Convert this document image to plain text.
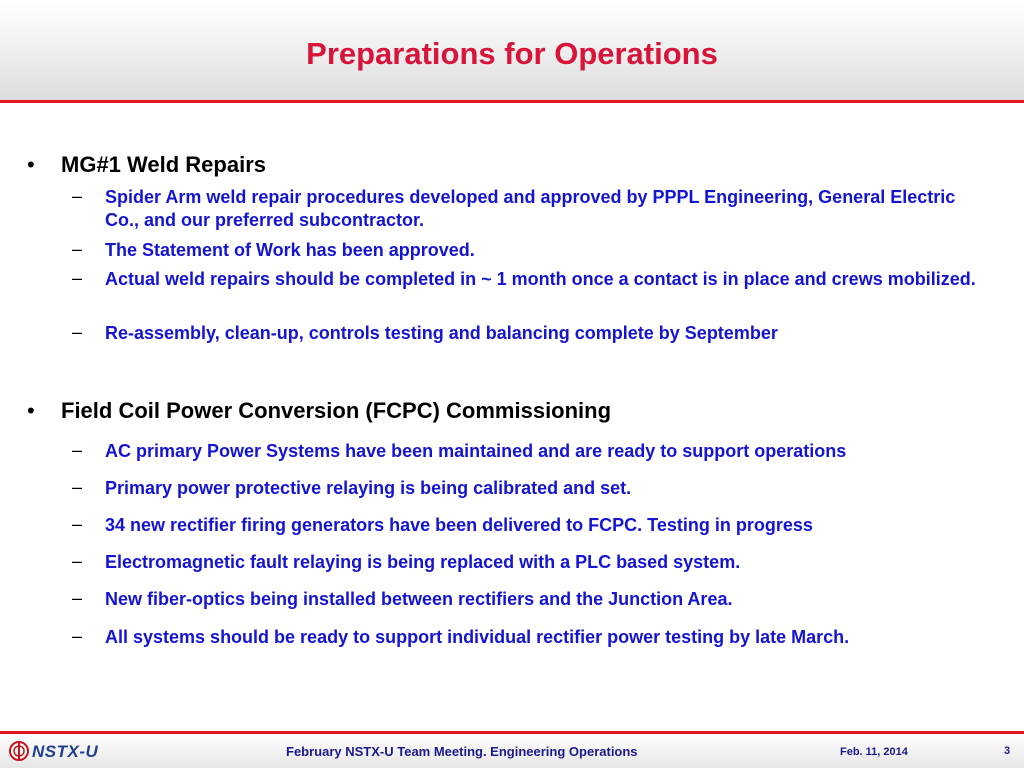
Preparations for Operations
• MG#1 Weld Repairs
– Spider Arm weld repair procedures developed and approved by PPPL Engineering, General Electric Co., and our preferred subcontractor.
– The Statement of Work has been approved.
– Actual weld repairs should be completed in ~ 1 month once a contact is in place and crews mobilized.
– Re-assembly, clean-up, controls testing and balancing complete by September
• Field Coil Power Conversion (FCPC) Commissioning
– AC primary Power Systems have been maintained and are ready to support operations
– Primary power protective relaying is being calibrated and set.
– 34 new rectifier firing generators have been delivered to FCPC. Testing in progress
– Electromagnetic fault relaying is being replaced with a PLC based system.
– New fiber-optics being installed between rectifiers and the Junction Area.
– All systems should be ready to support individual rectifier power testing by late March.
NSTX-U	February NSTX-U Team Meeting. Engineering Operations	Feb. 11, 2014	3
